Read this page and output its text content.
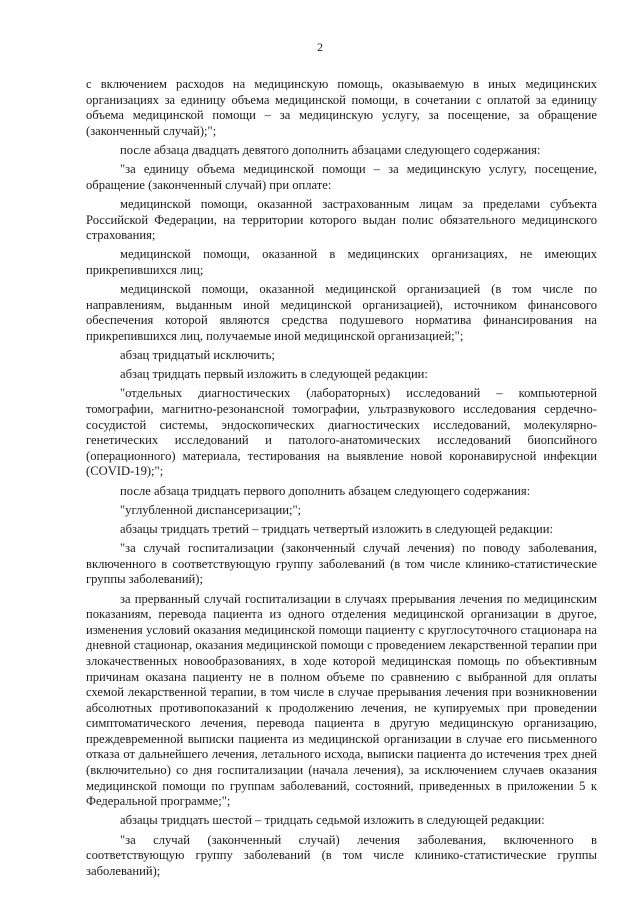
2

с включением расходов на медицинскую помощь, оказываемую в иных медицинских организациях за единицу объема медицинской помощи, в сочетании с оплатой за единицу объема медицинской помощи – за медицинскую услугу, за посещение, за обращение (законченный случай);";

после абзаца двадцать девятого дополнить абзацами следующего содержания:

"за единицу объема медицинской помощи – за медицинскую услугу, посещение, обращение (законченный случай) при оплате:

медицинской помощи, оказанной застрахованным лицам за пределами субъекта Российской Федерации, на территории которого выдан полис обязательного медицинского страхования;

медицинской помощи, оказанной в медицинских организациях, не имеющих прикрепившихся лиц;

медицинской помощи, оказанной медицинской организацией (в том числе по направлениям, выданным иной медицинской организацией), источником финансового обеспечения которой являются средства подушевого норматива финансирования на прикрепившихся лиц, получаемые иной медицинской организацией;";

абзац тридцатый исключить;

абзац тридцать первый изложить в следующей редакции:

"отдельных диагностических (лабораторных) исследований – компьютерной томографии, магнитно-резонансной томографии, ультразвукового исследования сердечно-сосудистой системы, эндоскопических диагностических исследований, молекулярно-генетических исследований и патолого-анатомических исследований биопсийного (операционного) материала, тестирования на выявление новой коронавирусной инфекции (COVID-19);";

после абзаца тридцать первого дополнить абзацем следующего содержания:

"углубленной диспансеризации;";

абзацы тридцать третий – тридцать четвертый изложить в следующей редакции:

"за случай госпитализации (законченный случай лечения) по поводу заболевания, включенного в соответствующую группу заболеваний (в том числе клинико-статистические группы заболеваний);

за прерванный случай госпитализации в случаях прерывания лечения по медицинским показаниям, перевода пациента из одного отделения медицинской организации в другое, изменения условий оказания медицинской помощи пациенту с круглосуточного стационара на дневной стационар, оказания медицинской помощи с проведением лекарственной терапии при злокачественных новообразованиях, в ходе которой медицинская помощь по объективным причинам оказана пациенту не в полном объеме по сравнению с выбранной для оплаты схемой лекарственной терапии, в том числе в случае прерывания лечения при возникновении абсолютных противопоказаний к продолжению лечения, не купируемых при проведении симптоматического лечения, перевода пациента в другую медицинскую организацию, преждевременной выписки пациента из медицинской организации в случае его письменного отказа от дальнейшего лечения, летального исхода, выписки пациента до истечения трех дней (включительно) со дня госпитализации (начала лечения), за исключением случаев оказания медицинской помощи по группам заболеваний, состояний, приведенных в приложении 5 к Федеральной программе;";

абзацы тридцать шестой – тридцать седьмой изложить в следующей редакции:

"за случай (законченный случай) лечения заболевания, включенного в соответствующую группу заболеваний (в том числе клинико-статистические группы заболеваний);
